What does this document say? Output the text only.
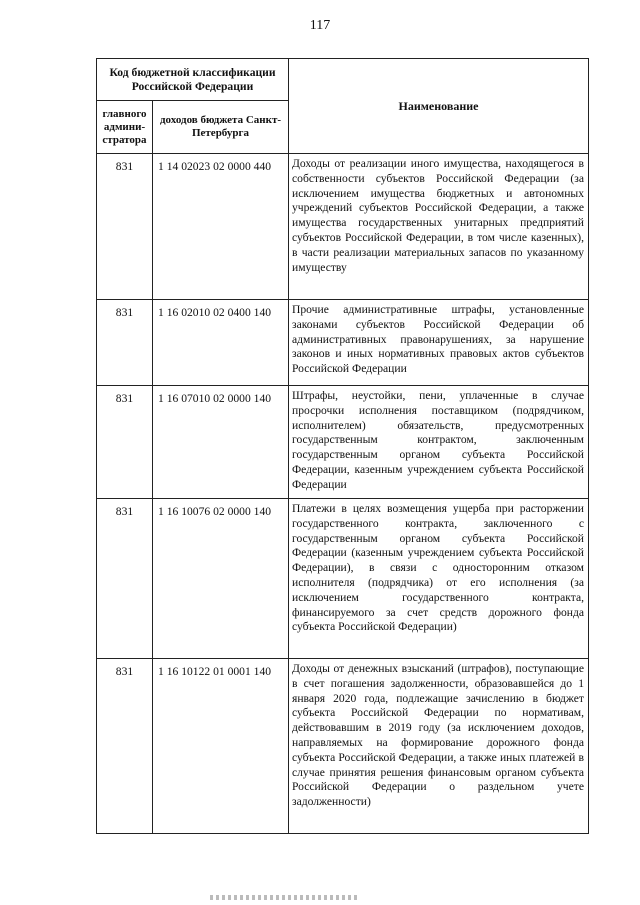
117
Код бюджетной классификации Российской Федерации		Наименование
главного админи-стратора	доходов бюджета Санкт-Петербурга	
831	1 14 02023 02 0000 440	Доходы от реализации иного имущества, находящегося в собственности субъектов Российской Федерации (за исключением имущества бюджетных и автономных учреждений субъектов Российской Федерации, а также имущества государственных унитарных предприятий субъектов Российской Федерации, в том числе казенных), в части реализации материальных запасов по указанному имуществу
831	1 16 02010 02 0400 140	Прочие административные штрафы, установленные законами субъектов Российской Федерации об административных правонарушениях, за нарушение законов и иных нормативных правовых актов субъектов Российской Федерации
831	1 16 07010 02 0000 140	Штрафы, неустойки, пени, уплаченные в случае просрочки исполнения поставщиком (подрядчиком, исполнителем) обязательств, предусмотренных государственным контрактом, заключенным государственным органом субъекта Российской Федерации, казенным учреждением субъекта Российской Федерации
831	1 16 10076 02 0000 140	Платежи в целях возмещения ущерба при расторжении государственного контракта, заключенного с государственным органом субъекта Российской Федерации (казенным учреждением субъекта Российской Федерации), в связи с односторонним отказом исполнителя (подрядчика) от его исполнения (за исключением государственного контракта, финансируемого за счет средств дорожного фонда субъекта Российской Федерации)
831	1 16 10122 01 0001 140	Доходы от денежных взысканий (штрафов), поступающие в счет погашения задолженности, образовавшейся до 1 января 2020 года, подлежащие зачислению в бюджет субъекта Российской Федерации по нормативам, действовавшим в 2019 году (за исключением доходов, направляемых на формирование дорожного фонда субъекта Российской Федерации, а также иных платежей в случае принятия решения финансовым органом субъекта Российской Федерации о раздельном учете задолженности)
